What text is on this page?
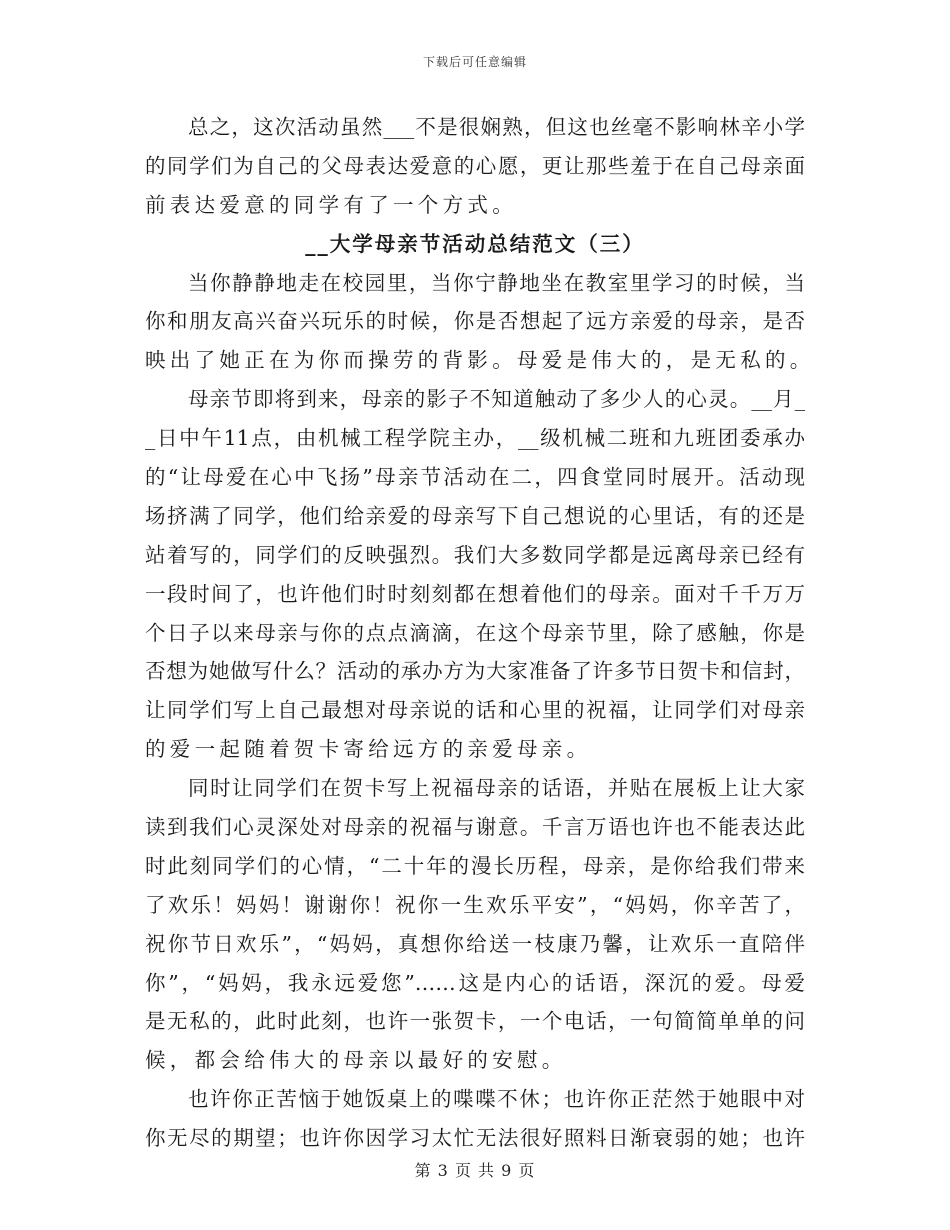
下载后可任意编辑
总之，这次活动虽然___不是很娴熟，但这也丝毫不影响林辛小学
的同学们为自己的父母表达爱意的心愿，更让那些羞于在自己母亲面
前表达爱意的同学有了一个方式。
__大学母亲节活动总结范文（三）
当你静静地走在校园里，当你宁静地坐在教室里学习的时候，当
你和朋友高兴奋兴玩乐的时候，你是否想起了远方亲爱的母亲，是否
映出了她正在为你而操劳的背影。母爱是伟大的，是无私的。
母亲节即将到来，母亲的影子不知道触动了多少人的心灵。__月_
_日中午11点，由机械工程学院主办，__级机械二班和九班团委承办
的“让母爱在心中飞扬”母亲节活动在二，四食堂同时展开。活动现
场挤满了同学，他们给亲爱的母亲写下自己想说的心里话，有的还是
站着写的，同学们的反映强烈。我们大多数同学都是远离母亲已经有
一段时间了，也许他们时时刻刻都在想着他们的母亲。面对千千万万
个日子以来母亲与你的点点滴滴，在这个母亲节里，除了感触，你是
否想为她做写什么？活动的承办方为大家准备了许多节日贺卡和信封，
让同学们写上自己最想对母亲说的话和心里的祝福，让同学们对母亲
的爱一起随着贺卡寄给远方的亲爱母亲。
同时让同学们在贺卡写上祝福母亲的话语，并贴在展板上让大家
读到我们心灵深处对母亲的祝福与谢意。千言万语也许也不能表达此
时此刻同学们的心情，“二十年的漫长历程，母亲，是你给我们带来
了欢乐！妈妈！谢谢你！祝你一生欢乐平安”，“妈妈，你辛苦了，
祝你节日欢乐”，“妈妈，真想你给送一枝康乃馨，让欢乐一直陪伴
你”，“妈妈，我永远爱您”……这是内心的话语，深沉的爱。母爱
是无私的，此时此刻，也许一张贺卡，一个电话，一句简简单单的问
候，都会给伟大的母亲以最好的安慰。
也许你正苦恼于她饭桌上的喋喋不休；也许你正茫然于她眼中对
你无尽的期望；也许你因学习太忙无法很好照料日渐衰弱的她；也许
第 3 页 共 9 页
